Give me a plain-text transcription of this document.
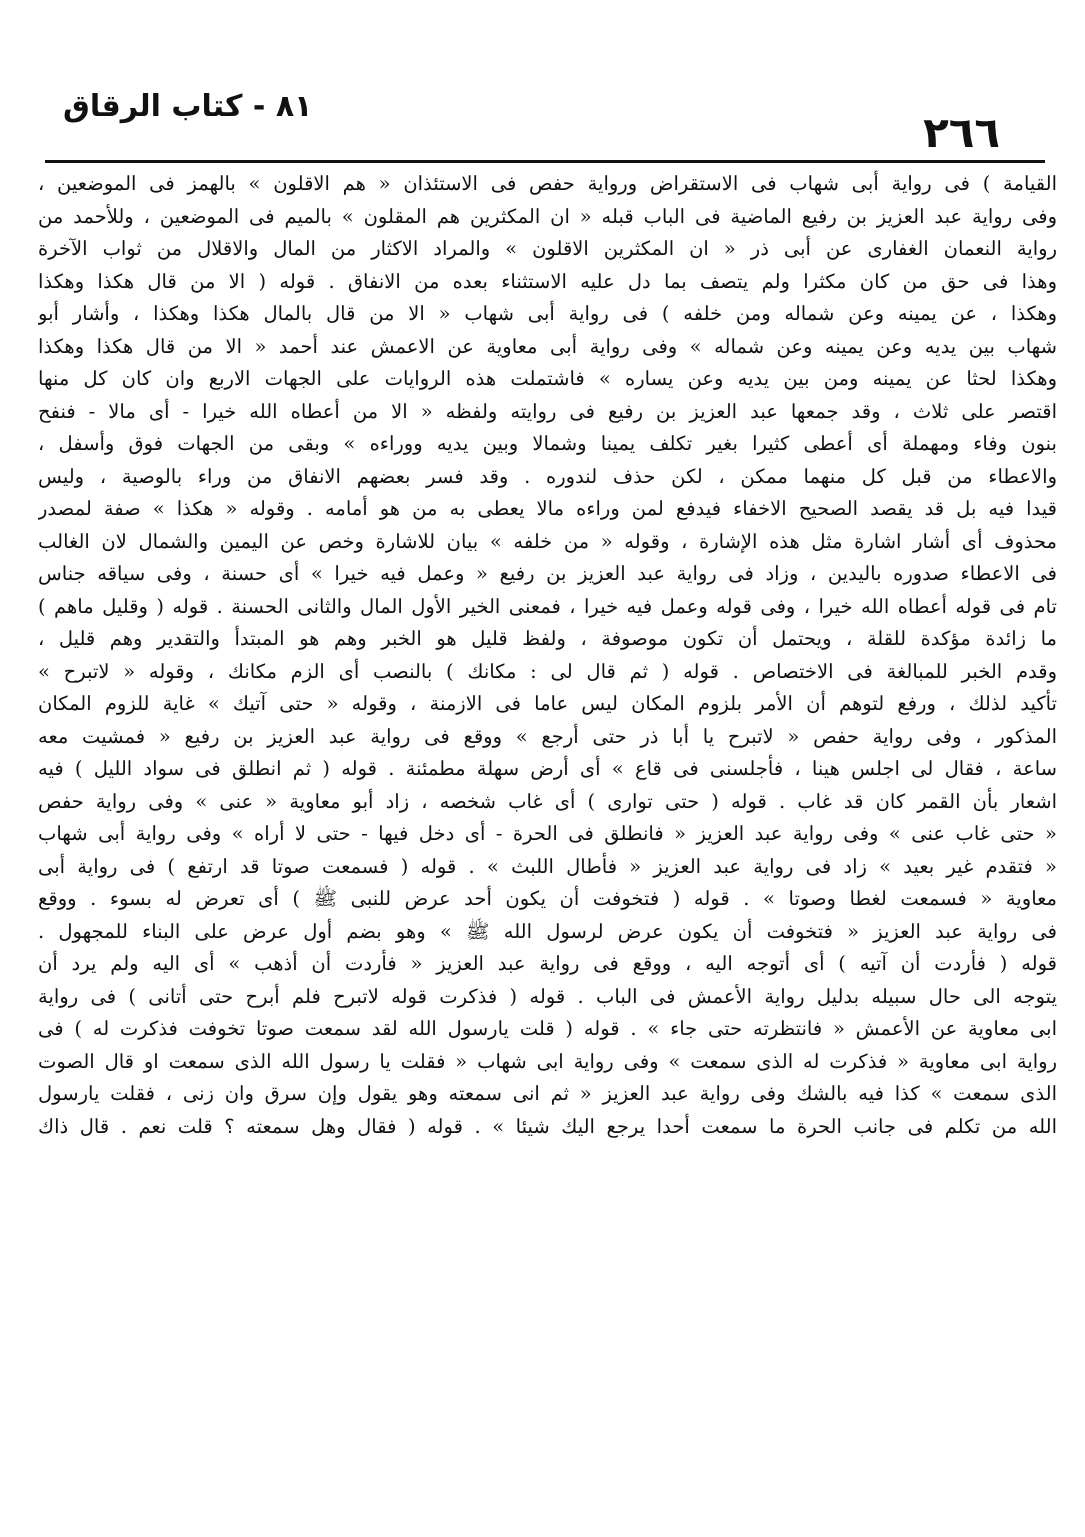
٢٦٦
٨١ - كتاب الرقاق
القيامة ) فى رواية أبى شهاب فى الاستقراض ورواية حفص فى الاستئذان « هم الاقلون » بالهمز فى الموضعين ،
وفى رواية عبد العزيز بن رفيع الماضية فى الباب قبله « ان المكثرين هم المقلون » بالميم فى الموضعين ، وللأحمد من
رواية النعمان الغفارى عن أبى ذر « ان المكثرين الاقلون » والمراد الاكثار من المال والاقلال من ثواب الآخرة
وهذا فى حق من كان مكثرا ولم يتصف بما دل عليه الاستثناء بعده من الانفاق . قوله ( الا من قال هكذا وهكذا
وهكذا ، عن يمينه وعن شماله ومن خلفه ) فى رواية أبى شهاب « الا من قال بالمال هكذا وهكذا ، وأشار أبو
شهاب بين يديه وعن يمينه وعن شماله » وفى رواية أبى معاوية عن الاعمش عند أحمد « الا من قال هكذا وهكذا
وهكذا لحثا عن يمينه ومن بين يديه وعن يساره » فاشتملت هذه الروايات على الجهات الاربع وان كان كل منها
اقتصر على ثلاث ، وقد جمعها عبد العزيز بن رفيع فى روايته ولفظه « الا من أعطاه الله خيرا - أى مالا - فنفح
بنون وفاء ومهملة أى أعطى كثيرا بغير تكلف يمينا وشمالا وبين يديه ووراءه » وبقى من الجهات فوق وأسفل ،
والاعطاء من قبل كل منهما ممكن ، لكن حذف لندوره . وقد فسر بعضهم الانفاق من وراء بالوصية ، وليس
قيدا فيه بل قد يقصد الصحيح الاخفاء فيدفع لمن وراءه مالا يعطى به من هو أمامه . وقوله « هكذا » صفة لمصدر
محذوف أى أشار اشارة مثل هذه الإشارة ، وقوله « من خلفه » بيان للاشارة وخص عن اليمين والشمال لان الغالب
فى الاعطاء صدوره باليدين ، وزاد فى رواية عبد العزيز بن رفيع « وعمل فيه خيرا » أى حسنة ، وفى سياقه جناس
تام فى قوله أعطاه الله خيرا ، وفى قوله وعمل فيه خيرا ، فمعنى الخير الأول المال والثانى الحسنة . قوله ( وقليل ماهم )
ما زائدة مؤكدة للقلة ، ويحتمل أن تكون موصوفة ، ولفظ قليل هو الخبر وهم هو المبتدأ والتقدير وهم قليل ،
وقدم الخبر للمبالغة فى الاختصاص . قوله ( ثم قال لى : مكانك ) بالنصب أى الزم مكانك ، وقوله « لاتبرح »
تأكيد لذلك ، ورفع لتوهم أن الأمر بلزوم المكان ليس عاما فى الازمنة ، وقوله « حتى آتيك » غاية للزوم المكان
المذكور ، وفى رواية حفص « لاتبرح يا أبا ذر حتى أرجع » ووقع فى رواية عبد العزيز بن رفيع « فمشيت معه
ساعة ، فقال لى اجلس هينا ، فأجلسنى فى قاع » أى أرض سهلة مطمئنة . قوله ( ثم انطلق فى سواد الليل ) فيه
اشعار بأن القمر كان قد غاب . قوله ( حتى توارى ) أى غاب شخصه ، زاد أبو معاوية « عنى » وفى رواية حفص
« حتى غاب عنى » وفى رواية عبد العزيز « فانطلق فى الحرة - أى دخل فيها - حتى لا أراه » وفى رواية أبى شهاب
« فتقدم غير بعيد » زاد فى رواية عبد العزيز « فأطال اللبث » . قوله ( فسمعت صوتا قد ارتفع ) فى رواية أبى
معاوية « فسمعت لغطا وصوتا » . قوله ( فتخوفت أن يكون أحد عرض للنبى ﷺ ) أى تعرض له بسوء . ووقع
فى رواية عبد العزيز « فتخوفت أن يكون عرض لرسول الله ﷺ » وهو بضم أول عرض على البناء للمجهول .
قوله ( فأردت أن آتيه ) أى أتوجه اليه ، ووقع فى رواية عبد العزيز « فأردت أن أذهب » أى اليه ولم يرد أن
يتوجه الى حال سبيله بدليل رواية الأعمش فى الباب . قوله ( فذكرت قوله لاتبرح فلم أبرح حتى أتانى ) فى رواية
ابى معاوية عن الأعمش « فانتظرته حتى جاء » . قوله ( قلت يارسول الله لقد سمعت صوتا تخوفت فذكرت له ) فى
رواية ابى معاوية « فذكرت له الذى سمعت » وفى رواية ابى شهاب « فقلت يا رسول الله الذى سمعت او قال الصوت
الذى سمعت » كذا فيه بالشك وفى رواية عبد العزيز « ثم انى سمعته وهو يقول وإن سرق وان زنى ، فقلت يارسول
الله من تكلم فى جانب الحرة ما سمعت أحدا يرجع اليك شيئا » . قوله ( فقال وهل سمعته ؟ قلت نعم . قال ذاك
